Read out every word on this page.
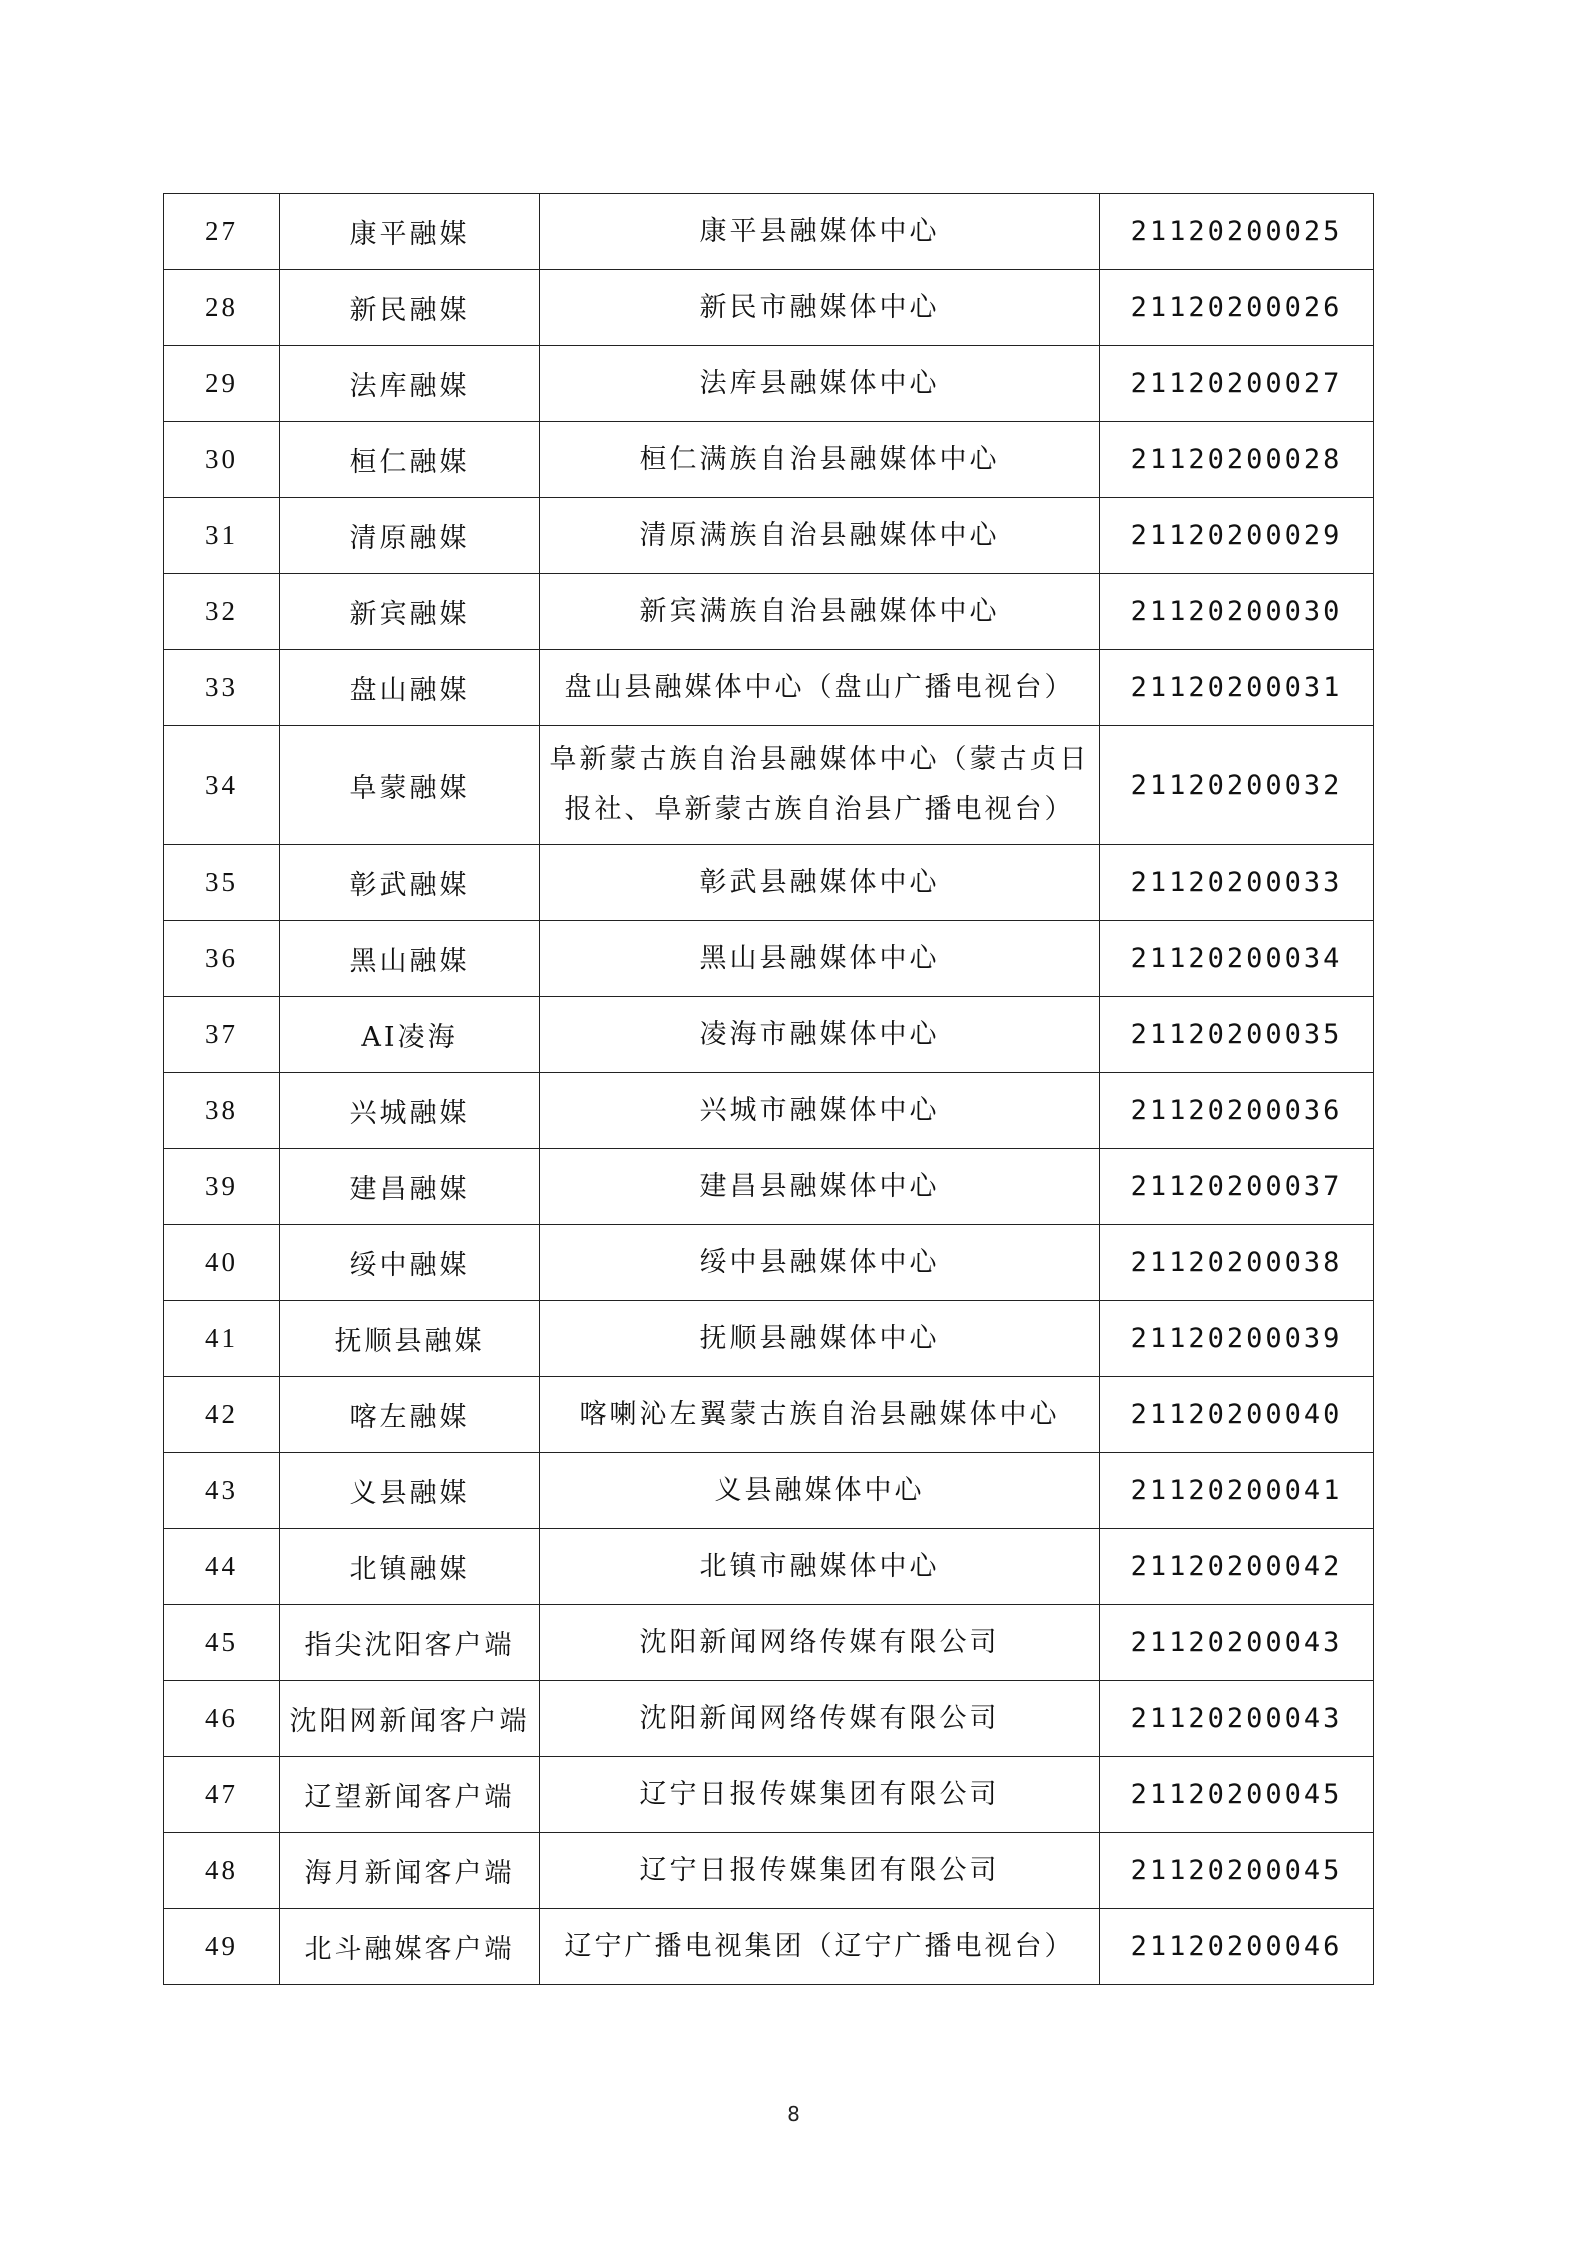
27	康平融媒	康平县融媒体中心	21120200025
28	新民融媒	新民市融媒体中心	21120200026
29	法库融媒	法库县融媒体中心	21120200027
30	桓仁融媒	桓仁满族自治县融媒体中心	21120200028
31	清原融媒	清原满族自治县融媒体中心	21120200029
32	新宾融媒	新宾满族自治县融媒体中心	21120200030
33	盘山融媒	盘山县融媒体中心（盘山广播电视台）	21120200031
34	阜蒙融媒	阜新蒙古族自治县融媒体中心（蒙古贞日报社、阜新蒙古族自治县广播电视台）	21120200032
35	彰武融媒	彰武县融媒体中心	21120200033
36	黑山融媒	黑山县融媒体中心	21120200034
37	AI凌海	凌海市融媒体中心	21120200035
38	兴城融媒	兴城市融媒体中心	21120200036
39	建昌融媒	建昌县融媒体中心	21120200037
40	绥中融媒	绥中县融媒体中心	21120200038
41	抚顺县融媒	抚顺县融媒体中心	21120200039
42	喀左融媒	喀喇沁左翼蒙古族自治县融媒体中心	21120200040
43	义县融媒	义县融媒体中心	21120200041
44	北镇融媒	北镇市融媒体中心	21120200042
45	指尖沈阳客户端	沈阳新闻网络传媒有限公司	21120200043
46	沈阳网新闻客户端	沈阳新闻网络传媒有限公司	21120200043
47	辽望新闻客户端	辽宁日报传媒集团有限公司	21120200045
48	海月新闻客户端	辽宁日报传媒集团有限公司	21120200045
49	北斗融媒客户端	辽宁广播电视集团（辽宁广播电视台）	21120200046
8
